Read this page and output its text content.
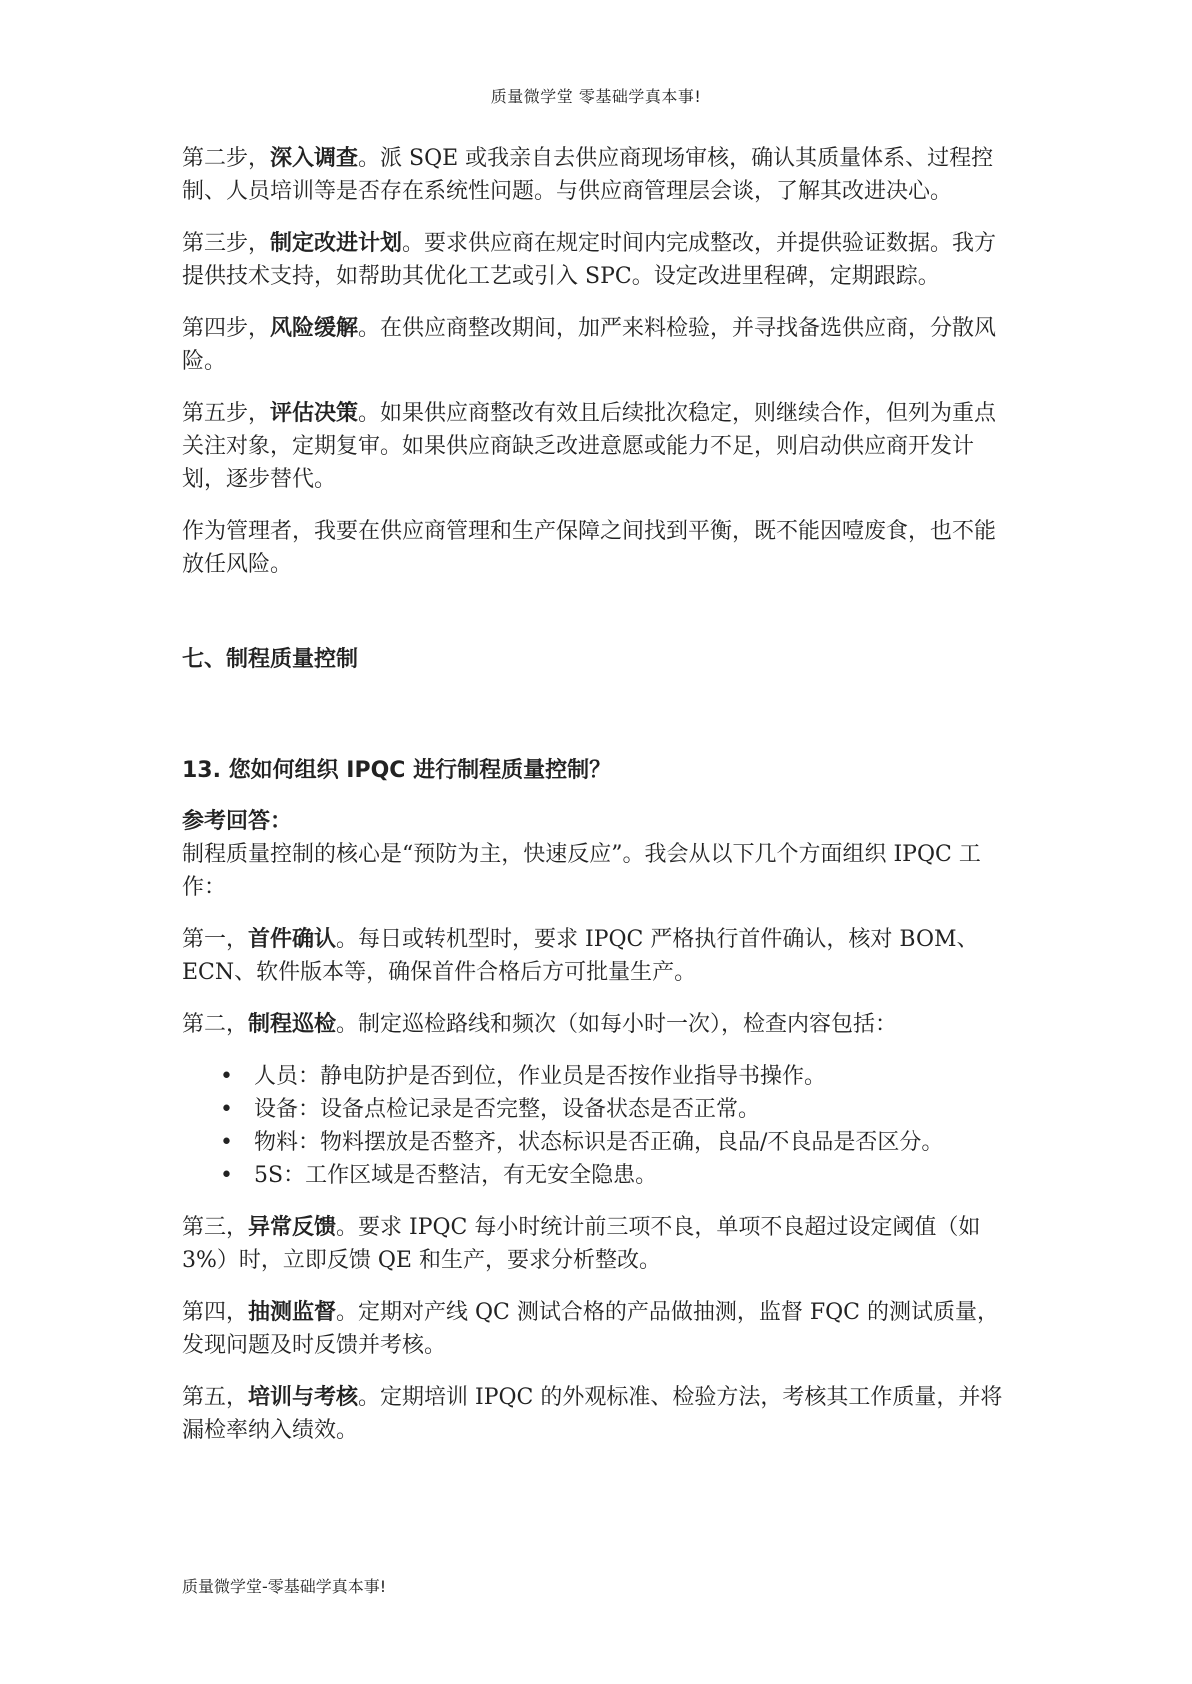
质量微学堂 零基础学真本事!

第二步，深入调查。派 SQE 或我亲自去供应商现场审核，确认其质量体系、过程控制、人员培训等是否存在系统性问题。与供应商管理层会谈，了解其改进决心。

第三步，制定改进计划。要求供应商在规定时间内完成整改，并提供验证数据。我方提供技术支持，如帮助其优化工艺或引入 SPC。设定改进里程碑，定期跟踪。

第四步，风险缓解。在供应商整改期间，加严来料检验，并寻找备选供应商，分散风险。

第五步，评估决策。如果供应商整改有效且后续批次稳定，则继续合作，但列为重点关注对象，定期复审。如果供应商缺乏改进意愿或能力不足，则启动供应商开发计划，逐步替代。

作为管理者，我要在供应商管理和生产保障之间找到平衡，既不能因噎废食，也不能放任风险。

七、制程质量控制

13. 您如何组织 IPQC 进行制程质量控制？

参考回答：

制程质量控制的核心是“预防为主，快速反应”。我会从以下几个方面组织 IPQC 工作：

第一，首件确认。每日或转机型时，要求 IPQC 严格执行首件确认，核对 BOM、ECN、软件版本等，确保首件合格后方可批量生产。

第二，制程巡检。制定巡检路线和频次（如每小时一次），检查内容包括：

• 人员：静电防护是否到位，作业员是否按作业指导书操作。
• 设备：设备点检记录是否完整，设备状态是否正常。
• 物料：物料摆放是否整齐，状态标识是否正确，良品/不良品是否区分。
• 5S：工作区域是否整洁，有无安全隐患。

第三，异常反馈。要求 IPQC 每小时统计前三项不良，单项不良超过设定阈值（如 3%）时，立即反馈 QE 和生产，要求分析整改。

第四，抽测监督。定期对产线 QC 测试合格的产品做抽测，监督 FQC 的测试质量，发现问题及时反馈并考核。

第五，培训与考核。定期培训 IPQC 的外观标准、检验方法，考核其工作质量，并将漏检率纳入绩效。

质量微学堂-零基础学真本事!
